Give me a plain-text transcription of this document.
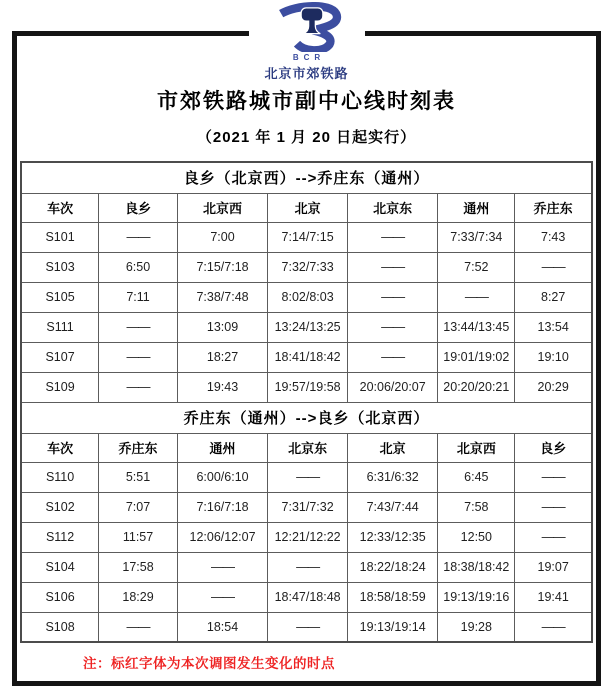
BCR
北京市郊铁路
市郊铁路城市副中心线时刻表
（2021 年 1 月 20 日起实行）
良乡（北京西）-->乔庄东（通州）						
车次	良乡	北京西	北京	北京东	通州	乔庄东
S101	——	7:00	7:14/7:15	——	7:33/7:34	7:43
S103	6:50	7:15/7:18	7:32/7:33	——	7:52	——
S105	7:11	7:38/7:48	8:02/8:03	——	——	8:27
S111	——	13:09	13:24/13:25	——	13:44/13:45	13:54
S107	——	18:27	18:41/18:42	——	19:01/19:02	19:10
S109	——	19:43	19:57/19:58	20:06/20:07	20:20/20:21	20:29
乔庄东（通州）-->良乡（北京西）						
车次	乔庄东	通州	北京东	北京	北京西	良乡
S110	5:51	6:00/6:10	——	6:31/6:32	6:45	——
S102	7:07	7:16/7:18	7:31/7:32	7:43/7:44	7:58	——
S112	11:57	12:06/12:07	12:21/12:22	12:33/12:35	12:50	——
S104	17:58	——	——	18:22/18:24	18:38/18:42	19:07
S106	18:29	——	18:47/18:48	18:58/18:59	19:13/19:16	19:41
S108	——	18:54	——	19:13/19:14	19:28	——
注：标红字体为本次调图发生变化的时点
